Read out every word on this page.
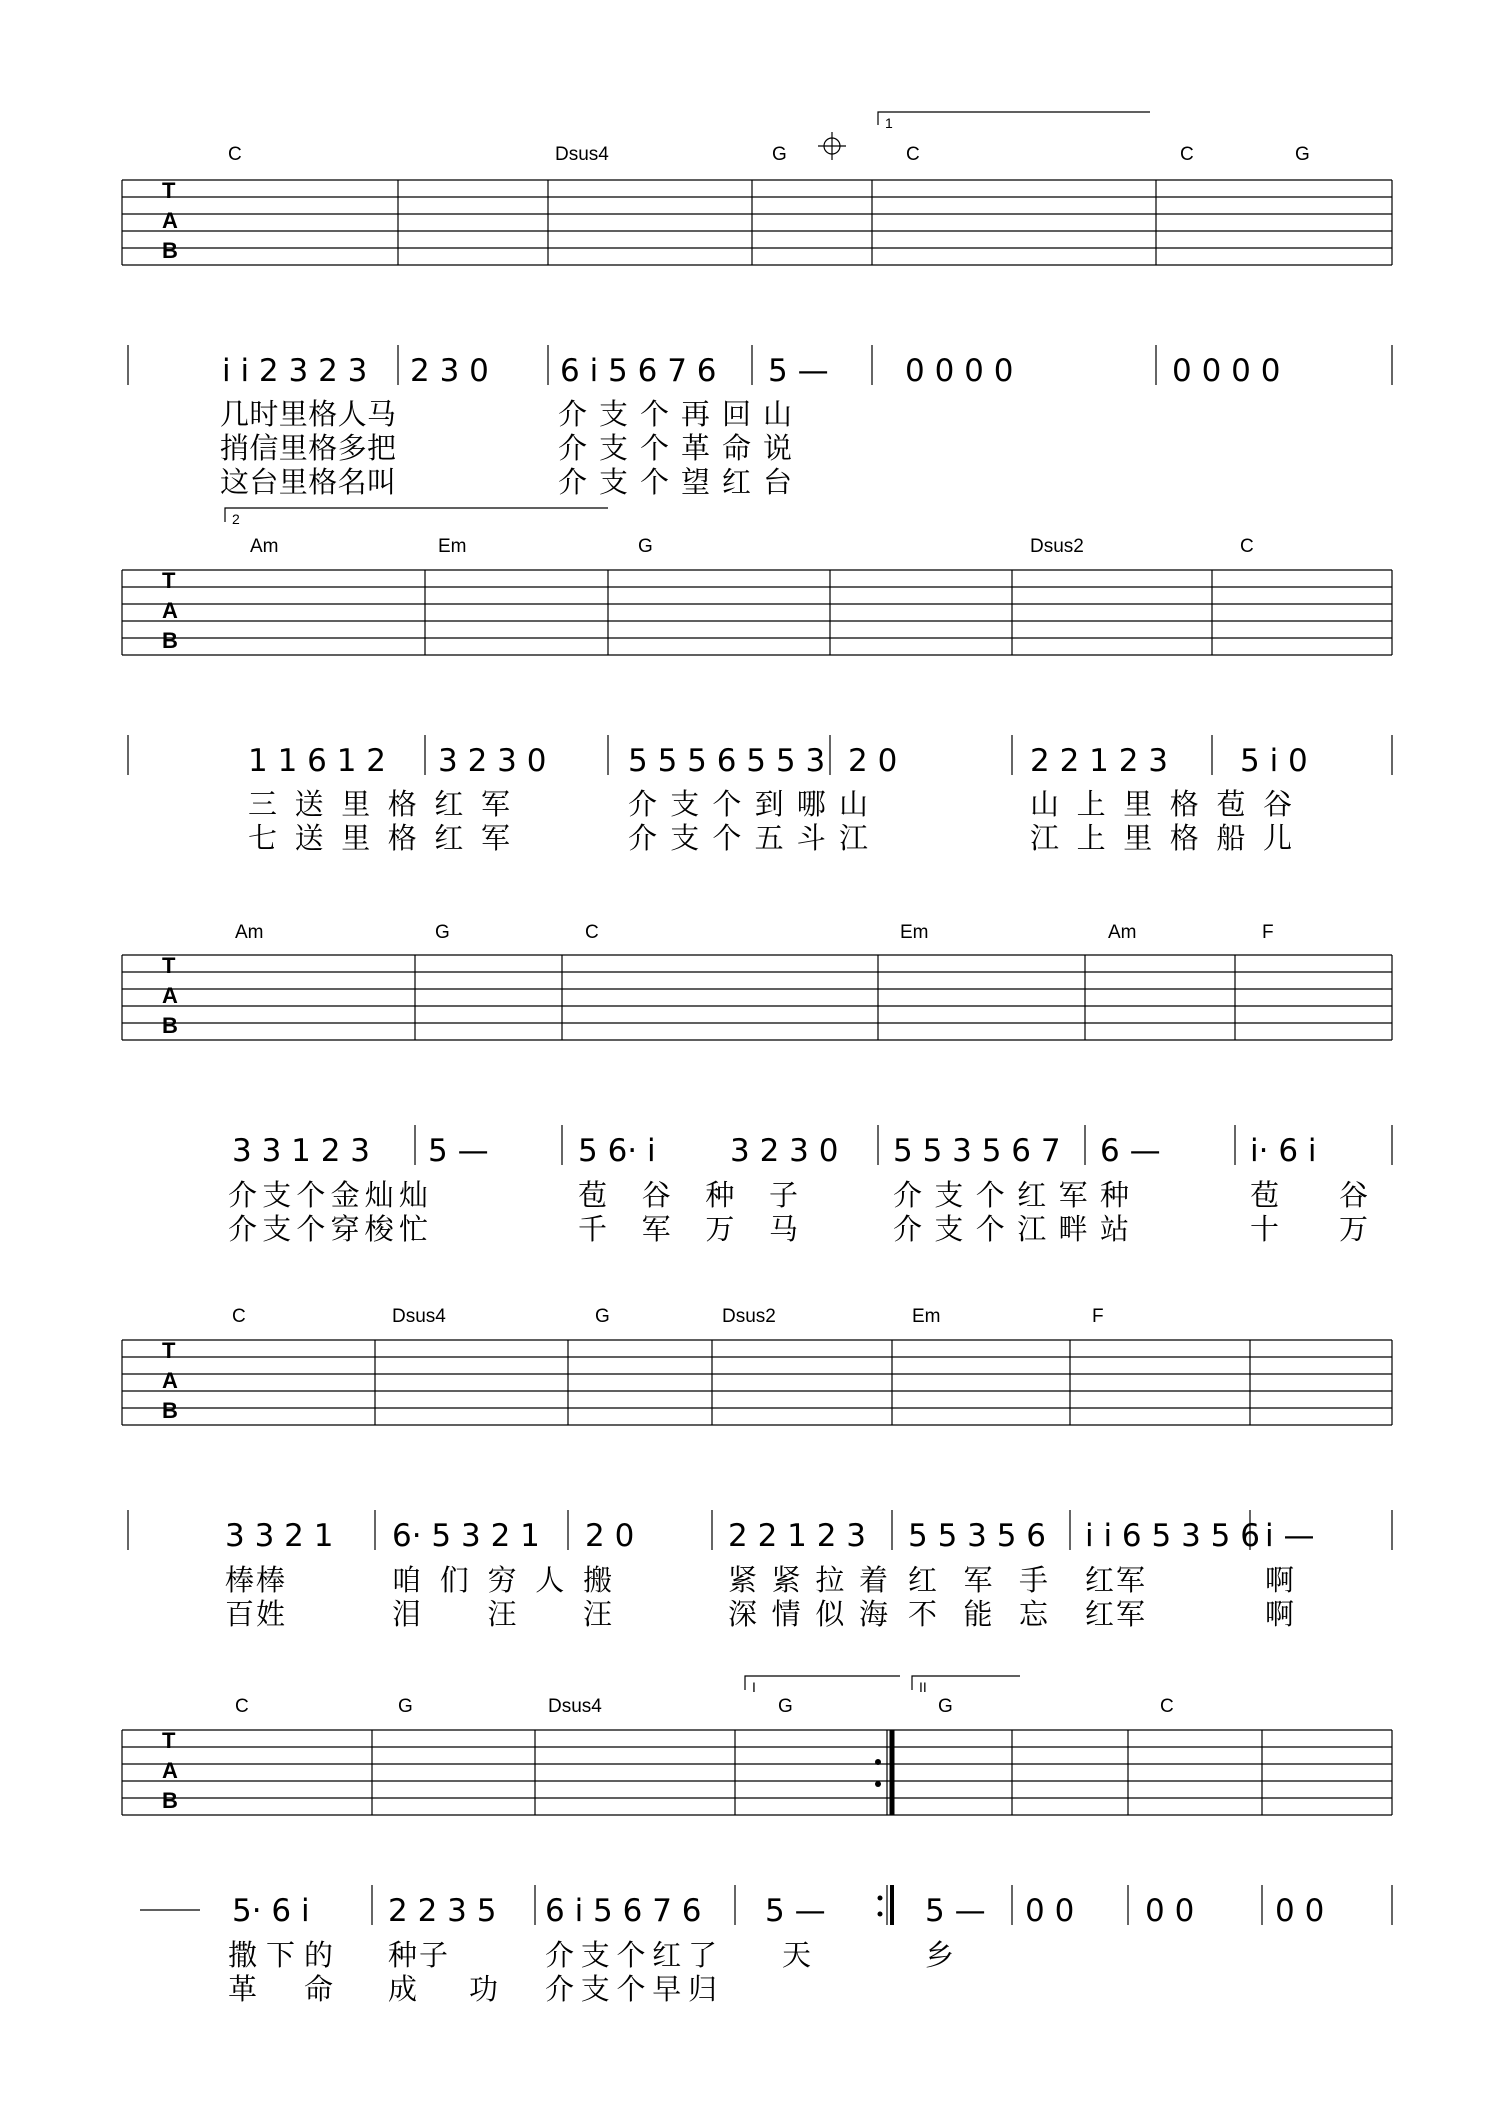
1
C	Dsus4	G	C	C	G
T
A
B
i i 2 3 2 3 2 3 0 6 i 5 6 7 6 5 — 0 0 0 0	0 0 0 0
几时里格人马	介支个再回山
捎信里格多把	介支个革命说
这台里格名叫	介支个望红台
2
Am	Em	G	Dsus2	C
T
A
B
1 1 6 1 2 3 2 3 0	5 5 5 6 5 5 3 2 0	2 2 1 2 3 5 i 0
三送里格红军	介支个到哪山	山上里格苞谷
七送里格红军	介支个五斗江	江上里格船儿
Am	G	C	Em	Am	F
T
A
B
3 3 1 2 3 5 —	5 6· i 3 2 3 0 5 5 3 5 6 7 6 —	i· 6 i
介支个金灿灿	苞谷种子	介支个红军种	苞谷
介支个穿梭忙	千军万马	介支个江畔站	十万
C	Dsus4	G	Dsus2	Em	F
T
A
B
3 3 2 1 6· 5 3 2 1 2 0	2 2 1 2 3 5 5 3 5 6 i i 6 5 3 5 6 i —
棒棒	咱们穷人搬	紧紧拉着 红军手 红军	啊
百姓	泪汪汪	深情似海 不能忘 红军	啊
I	II
C	G	Dsus4	G	G	C
T
A
B
5· 6 i	2 2 3 5 6 i 5 6 7 6 5 —	5 — 0 0 0 0	0 0
撒下的 种子	介支个红了 天	乡
革命 成功 介支个早归
